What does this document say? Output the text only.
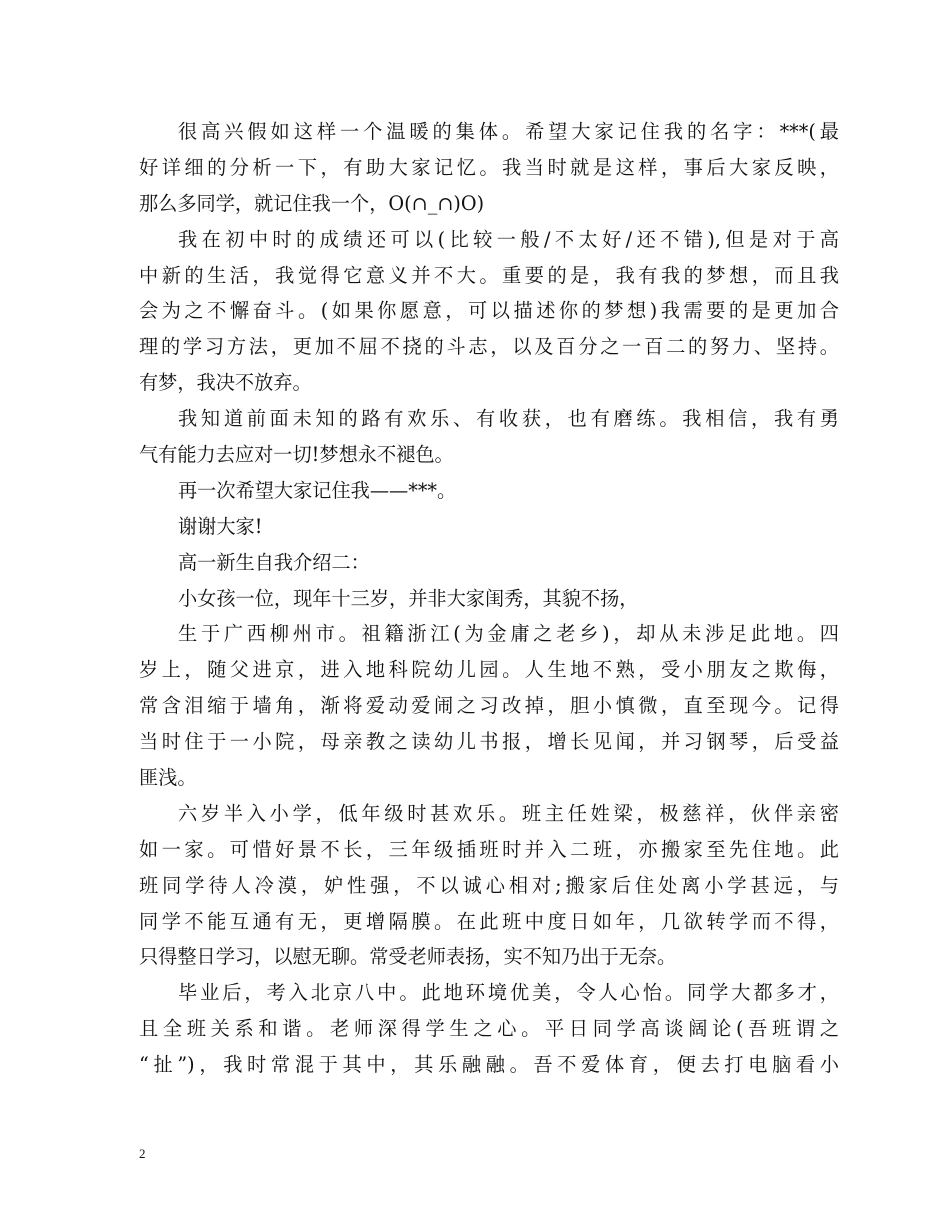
很高兴假如这样一个温暖的集体。希望大家记住我的名字：***(最
好详细的分析一下，有助大家记忆。我当时就是这样，事后大家反映，
那么多同学，就记住我一个，O(∩_∩)O)
我在初中时的成绩还可以(比较一般/不太好/还不错),但是对于高
中新的生活，我觉得它意义并不大。重要的是，我有我的梦想，而且我
会为之不懈奋斗。(如果你愿意，可以描述你的梦想)我需要的是更加合
理的学习方法，更加不屈不挠的斗志，以及百分之一百二的努力、坚持。
有梦，我决不放弃。
我知道前面未知的路有欢乐、有收获，也有磨练。我相信，我有勇
气有能力去应对一切!梦想永不褪色。
再一次希望大家记住我——***。
谢谢大家!
高一新生自我介绍二：
小女孩一位，现年十三岁，并非大家闺秀，其貌不扬，
生于广西柳州市。祖籍浙江(为金庸之老乡)，却从未涉足此地。四
岁上，随父进京，进入地科院幼儿园。人生地不熟，受小朋友之欺侮，
常含泪缩于墙角，渐将爱动爱闹之习改掉，胆小慎微，直至现今。记得
当时住于一小院，母亲教之读幼儿书报，增长见闻，并习钢琴，后受益
匪浅。
六岁半入小学，低年级时甚欢乐。班主任姓梁，极慈祥，伙伴亲密
如一家。可惜好景不长，三年级插班时并入二班，亦搬家至先住地。此
班同学待人冷漠，妒性强，不以诚心相对;搬家后住处离小学甚远，与
同学不能互通有无，更增隔膜。在此班中度日如年，几欲转学而不得，
只得整日学习，以慰无聊。常受老师表扬，实不知乃出于无奈。
毕业后，考入北京八中。此地环境优美，令人心怡。同学大都多才，
且全班关系和谐。老师深得学生之心。平日同学高谈阔论(吾班谓之
“扯”)，我时常混于其中，其乐融融。吾不爱体育，便去打电脑看小
2
